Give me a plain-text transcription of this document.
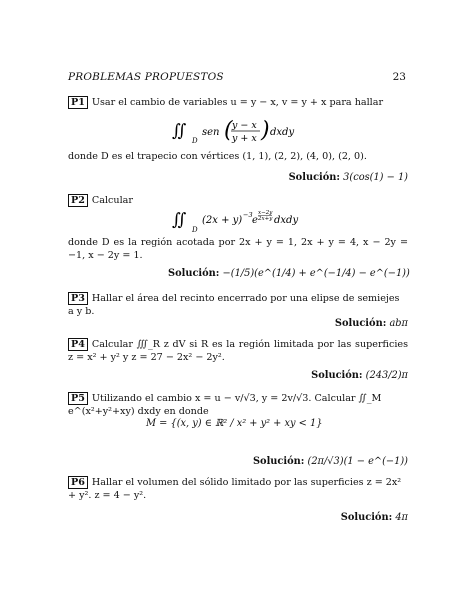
PROBLEMAS PROPUESTOS	23
P1 Usar el cambio de variables u = y − x, v = y + x para hallar
∬ D
sen ( y − x
y + x ) dxdy
donde D es el trapecio con vértices (1, 1), (2, 2), (4, 0), (2, 0).
Solución: 3(cos(1) − 1)
P2 Calcular
∬ D
(2x + y) −3 e
x−2y
2x+y dxdy
donde D es la región acotada por 2x + y = 1, 2x + y = 4, x − 2y = −1, x − 2y = 1.
Solución: −(1/5)(e^(1/4) + e^(−1/4) − e^(−1))
P3 Hallar el área del recinto encerrado por una elipse de semiejes a y b.
Solución: abπ
P4 Calcular ∭_R z dV si R es la región limitada por las superficies z = x² + y² y z = 27 − 2x² − 2y².
Solución: (243/2)π
P5 Utilizando el cambio x = u − v/√3, y = 2v/√3. Calcular ∬_M e^(x²+y²+xy) dxdy en donde
M = {(x, y) ∈ ℝ² / x² + y² + xy < 1}
Solución: (2π/√3)(1 − e^(−1))
P6 Hallar el volumen del sólido limitado por las superficies z = 2x² + y². z = 4 − y².
Solución: 4π
